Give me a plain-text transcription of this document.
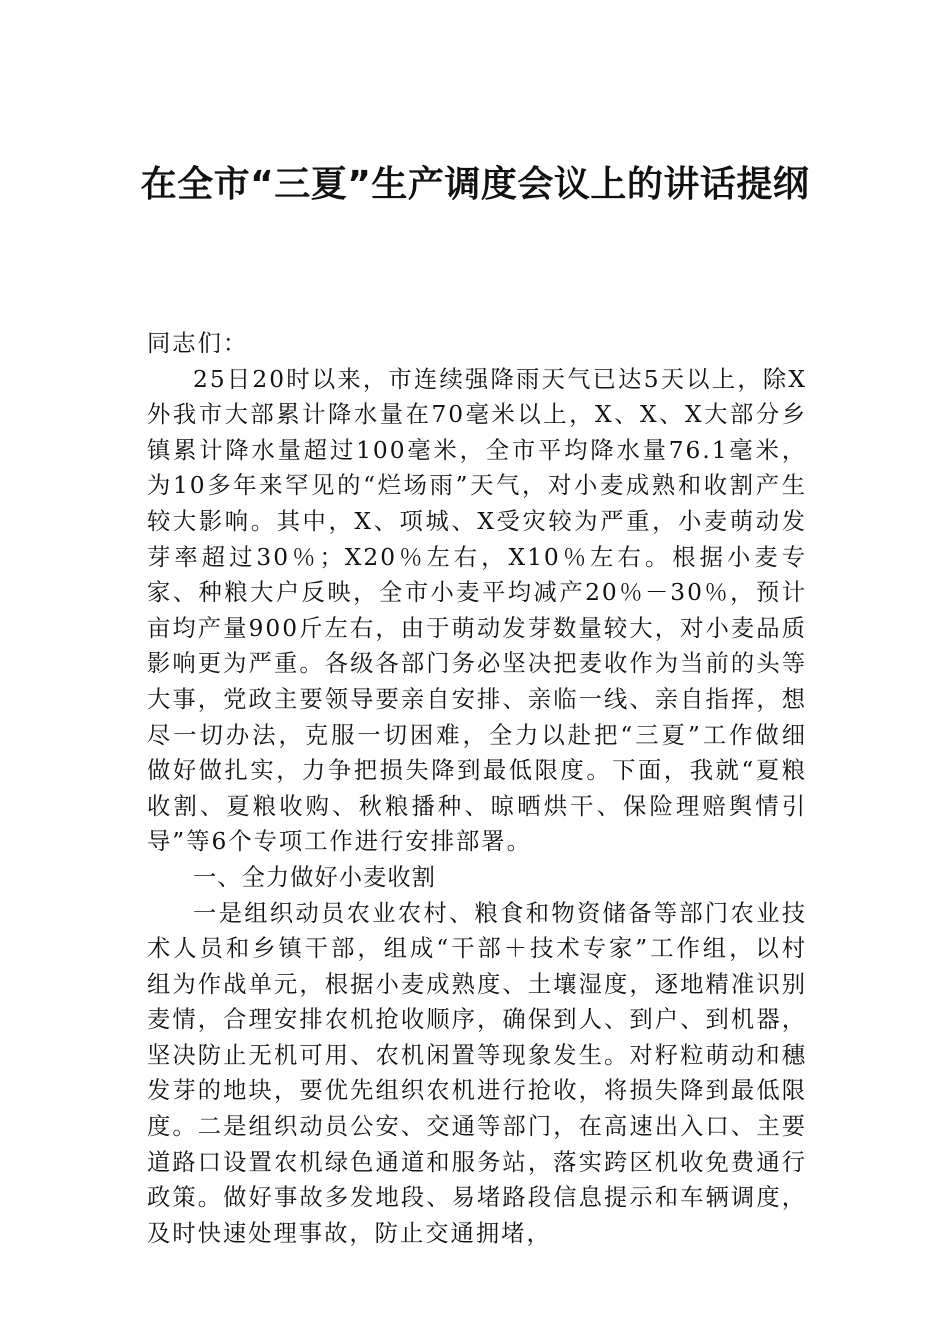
在全市“三夏”生产调度会议上的讲话提纲

同志们：

25日20时以来，市连续强降雨天气已达5天以上，除X外我市大部累计降水量在70毫米以上，X、X、X大部分乡镇累计降水量超过100毫米，全市平均降水量76.1毫米，为10多年来罕见的“烂场雨”天气，对小麦成熟和收割产生较大影响。其中，X、项城、X受灾较为严重，小麦萌动发芽率超过30％；X20％左右，X10％左右。根据小麦专家、种粮大户反映，全市小麦平均减产20％－30％，预计亩均产量900斤左右，由于萌动发芽数量较大，对小麦品质影响更为严重。各级各部门务必坚决把麦收作为当前的头等大事，党政主要领导要亲自安排、亲临一线、亲自指挥，想尽一切办法，克服一切困难，全力以赴把“三夏”工作做细做好做扎实，力争把损失降到最低限度。下面，我就“夏粮收割、夏粮收购、秋粮播种、晾晒烘干、保险理赔舆情引导”等6个专项工作进行安排部署。

一、全力做好小麦收割

一是组织动员农业农村、粮食和物资储备等部门农业技术人员和乡镇干部，组成“干部＋技术专家”工作组，以村组为作战单元，根据小麦成熟度、土壤湿度，逐地精准识别麦情，合理安排农机抢收顺序，确保到人、到户、到机器，坚决防止无机可用、农机闲置等现象发生。对籽粒萌动和穗发芽的地块，要优先组织农机进行抢收，将损失降到最低限度。二是组织动员公安、交通等部门，在高速出入口、主要道路口设置农机绿色通道和服务站，落实跨区机收免费通行政策。做好事故多发地段、易堵路段信息提示和车辆调度，及时快速处理事故，防止交通拥堵，
